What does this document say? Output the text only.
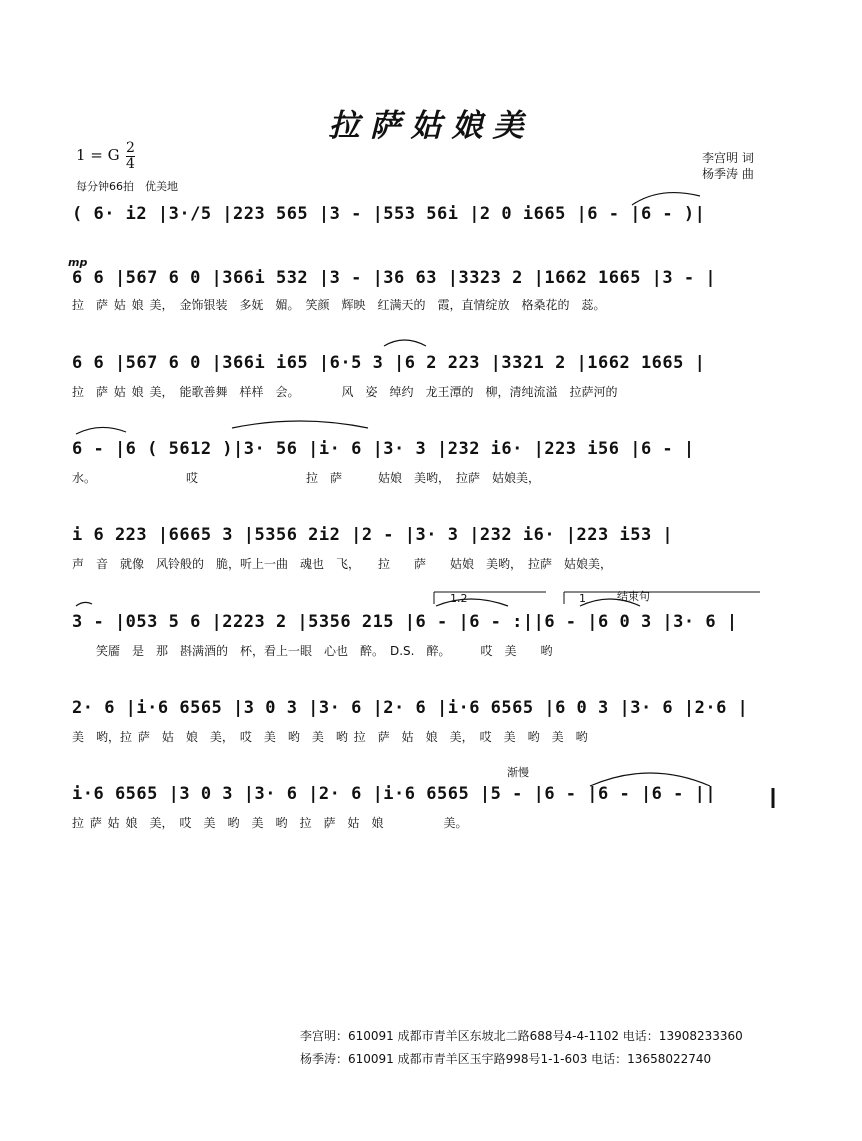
拉萨姑娘美
1 = G 2
4
每分钟66拍　优美地
李宫明 词
杨季涛 曲
( 6· i2 |3·/5 |223 565 |3 - |553 56i |2 0 i665 |6 - |6 - )|
mp
6 6 |567 6 0 |366i 532 |3 - |36 63 |3323 2 |1662 1665 |3 - |
拉　萨 姑 娘 美，　金饰银装　多妩　媚。　笑颜　辉映　红满天的　霞，直情绽放　格桑花的　蕊。
6 6 |567 6 0 |366i i65 |6·5 3 |6 2 223 |3321 2 |1662 1665 |
拉　萨 姑 娘 美，　能歌善舞　样样　会。　　　　风　姿　绰约　龙王潭的　柳，清纯流溢　拉萨河的
6 - |6 ( 5612 )|3· 56 |i· 6 |3· 3 |232 i6· |223 i56 |6 - |
水。　　　　　　　　哎　　　　　　　　　拉　萨　　　姑娘　美哟，　拉萨　姑娘美，
i 6 223 |6665 3 |5356 2i2 |2 - |3· 3 |232 i6· |223 i53 |
声　音　就像　风铃般的　脆，听上一曲　魂也　飞，　　拉　　萨　　姑娘　美哟，　拉萨　姑娘美，
1.2	1	结束句
3 - |053 5 6 |2223 2 |5356 215 |6 - |6 - :||6 - |6 0 3 |3· 6 |
　　笑靥　是　那　斟满酒的　杯，看上一眼　心也　醉。　D.S.　醉。　　　哎　美　　哟
2· 6 |i·6 6565 |3 0 3 |3· 6 |2· 6 |i·6 6565 |6 0 3 |3· 6 |2·6 |
美　哟，拉 萨　姑　娘　美，　哎　美　哟　美　哟 拉　萨　姑　娘　美，　哎　美　哟　美　哟
渐慢
i·6 6565 |3 0 3 |3· 6 |2· 6 |i·6 6565 |5 - |6 - |6 - |6 - ||
拉 萨 姑 娘　美，　哎　美　哟　美　哟　拉　萨　姑　娘　　　　　美。
李宫明：610091 成都市青羊区东坡北二路688号4-4-1102 电话：13908233360
杨季涛：610091 成都市青羊区玉宇路998号1-1-603 电话：13658022740
